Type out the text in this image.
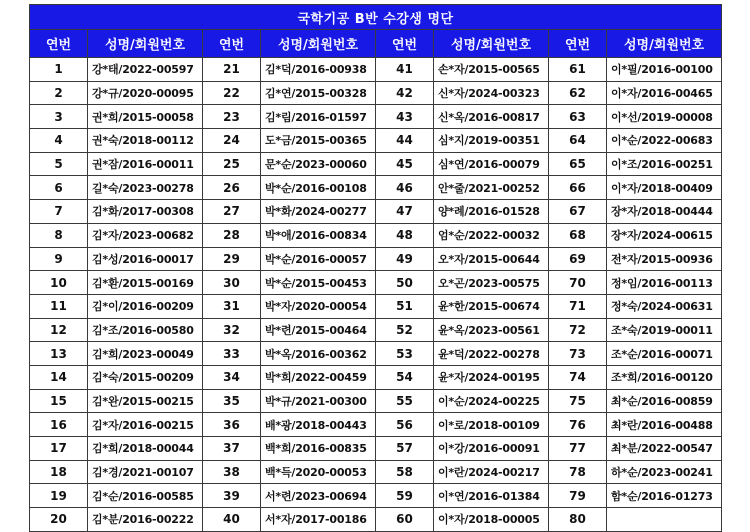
국학기공 B반 수강생 명단							
연번	성명/회원번호	연번	성명/회원번호	연번	성명/회원번호	연번	성명/회원번호
1	강*태/2022-00597	21	김*덕/2016-00938	41	손*자/2015-00565	61	이*필/2016-00100
2	강*규/2020-00095	22	김*연/2015-00328	42	신*자/2024-00323	62	이*자/2016-00465
3	권*희/2015-00058	23	김*림/2016-01597	43	신*옥/2016-00817	63	이*선/2019-00008
4	권*숙/2018-00112	24	도*금/2015-00365	44	심*지/2019-00351	64	이*순/2022-00683
5	권*잠/2016-00011	25	문*순/2023-00060	45	심*연/2016-00079	65	이*조/2016-00251
6	길*숙/2023-00278	26	박*순/2016-00108	46	안*줄/2021-00252	66	이*자/2018-00409
7	김*화/2017-00308	27	박*화/2024-00277	47	양*례/2016-01528	67	장*자/2018-00444
8	김*자/2023-00682	28	박*애/2016-00834	48	엄*순/2022-00032	68	장*자/2024-00615
9	김*성/2016-00017	29	박*순/2016-00057	49	오*자/2015-00644	69	전*자/2015-00936
10	김*환/2015-00169	30	박*순/2015-00453	50	오*곤/2023-00575	70	정*임/2016-00113
11	김*이/2016-00209	31	박*자/2020-00054	51	윤*한/2015-00674	71	정*숙/2024-00631
12	김*조/2016-00580	32	박*련/2015-00464	52	윤*옥/2023-00561	72	조*숙/2019-00011
13	김*희/2023-00049	33	박*옥/2016-00362	53	윤*덕/2022-00278	73	조*순/2016-00071
14	김*숙/2015-00209	34	박*희/2022-00459	54	윤*자/2024-00195	74	조*희/2016-00120
15	김*완/2015-00215	35	박*규/2021-00300	55	이*순/2024-00225	75	최*순/2016-00859
16	김*자/2016-00215	36	배*광/2018-00443	56	이*로/2018-00109	76	최*란/2016-00488
17	김*희/2018-00044	37	백*희/2016-00835	57	이*강/2016-00091	77	최*분/2022-00547
18	김*경/2021-00107	38	백*득/2020-00053	58	이*란/2024-00217	78	하*순/2023-00241
19	김*순/2016-00585	39	서*련/2023-00694	59	이*연/2016-01384	79	함*순/2016-01273
20	김*분/2016-00222	40	서*자/2017-00186	60	이*자/2018-00005	80	
